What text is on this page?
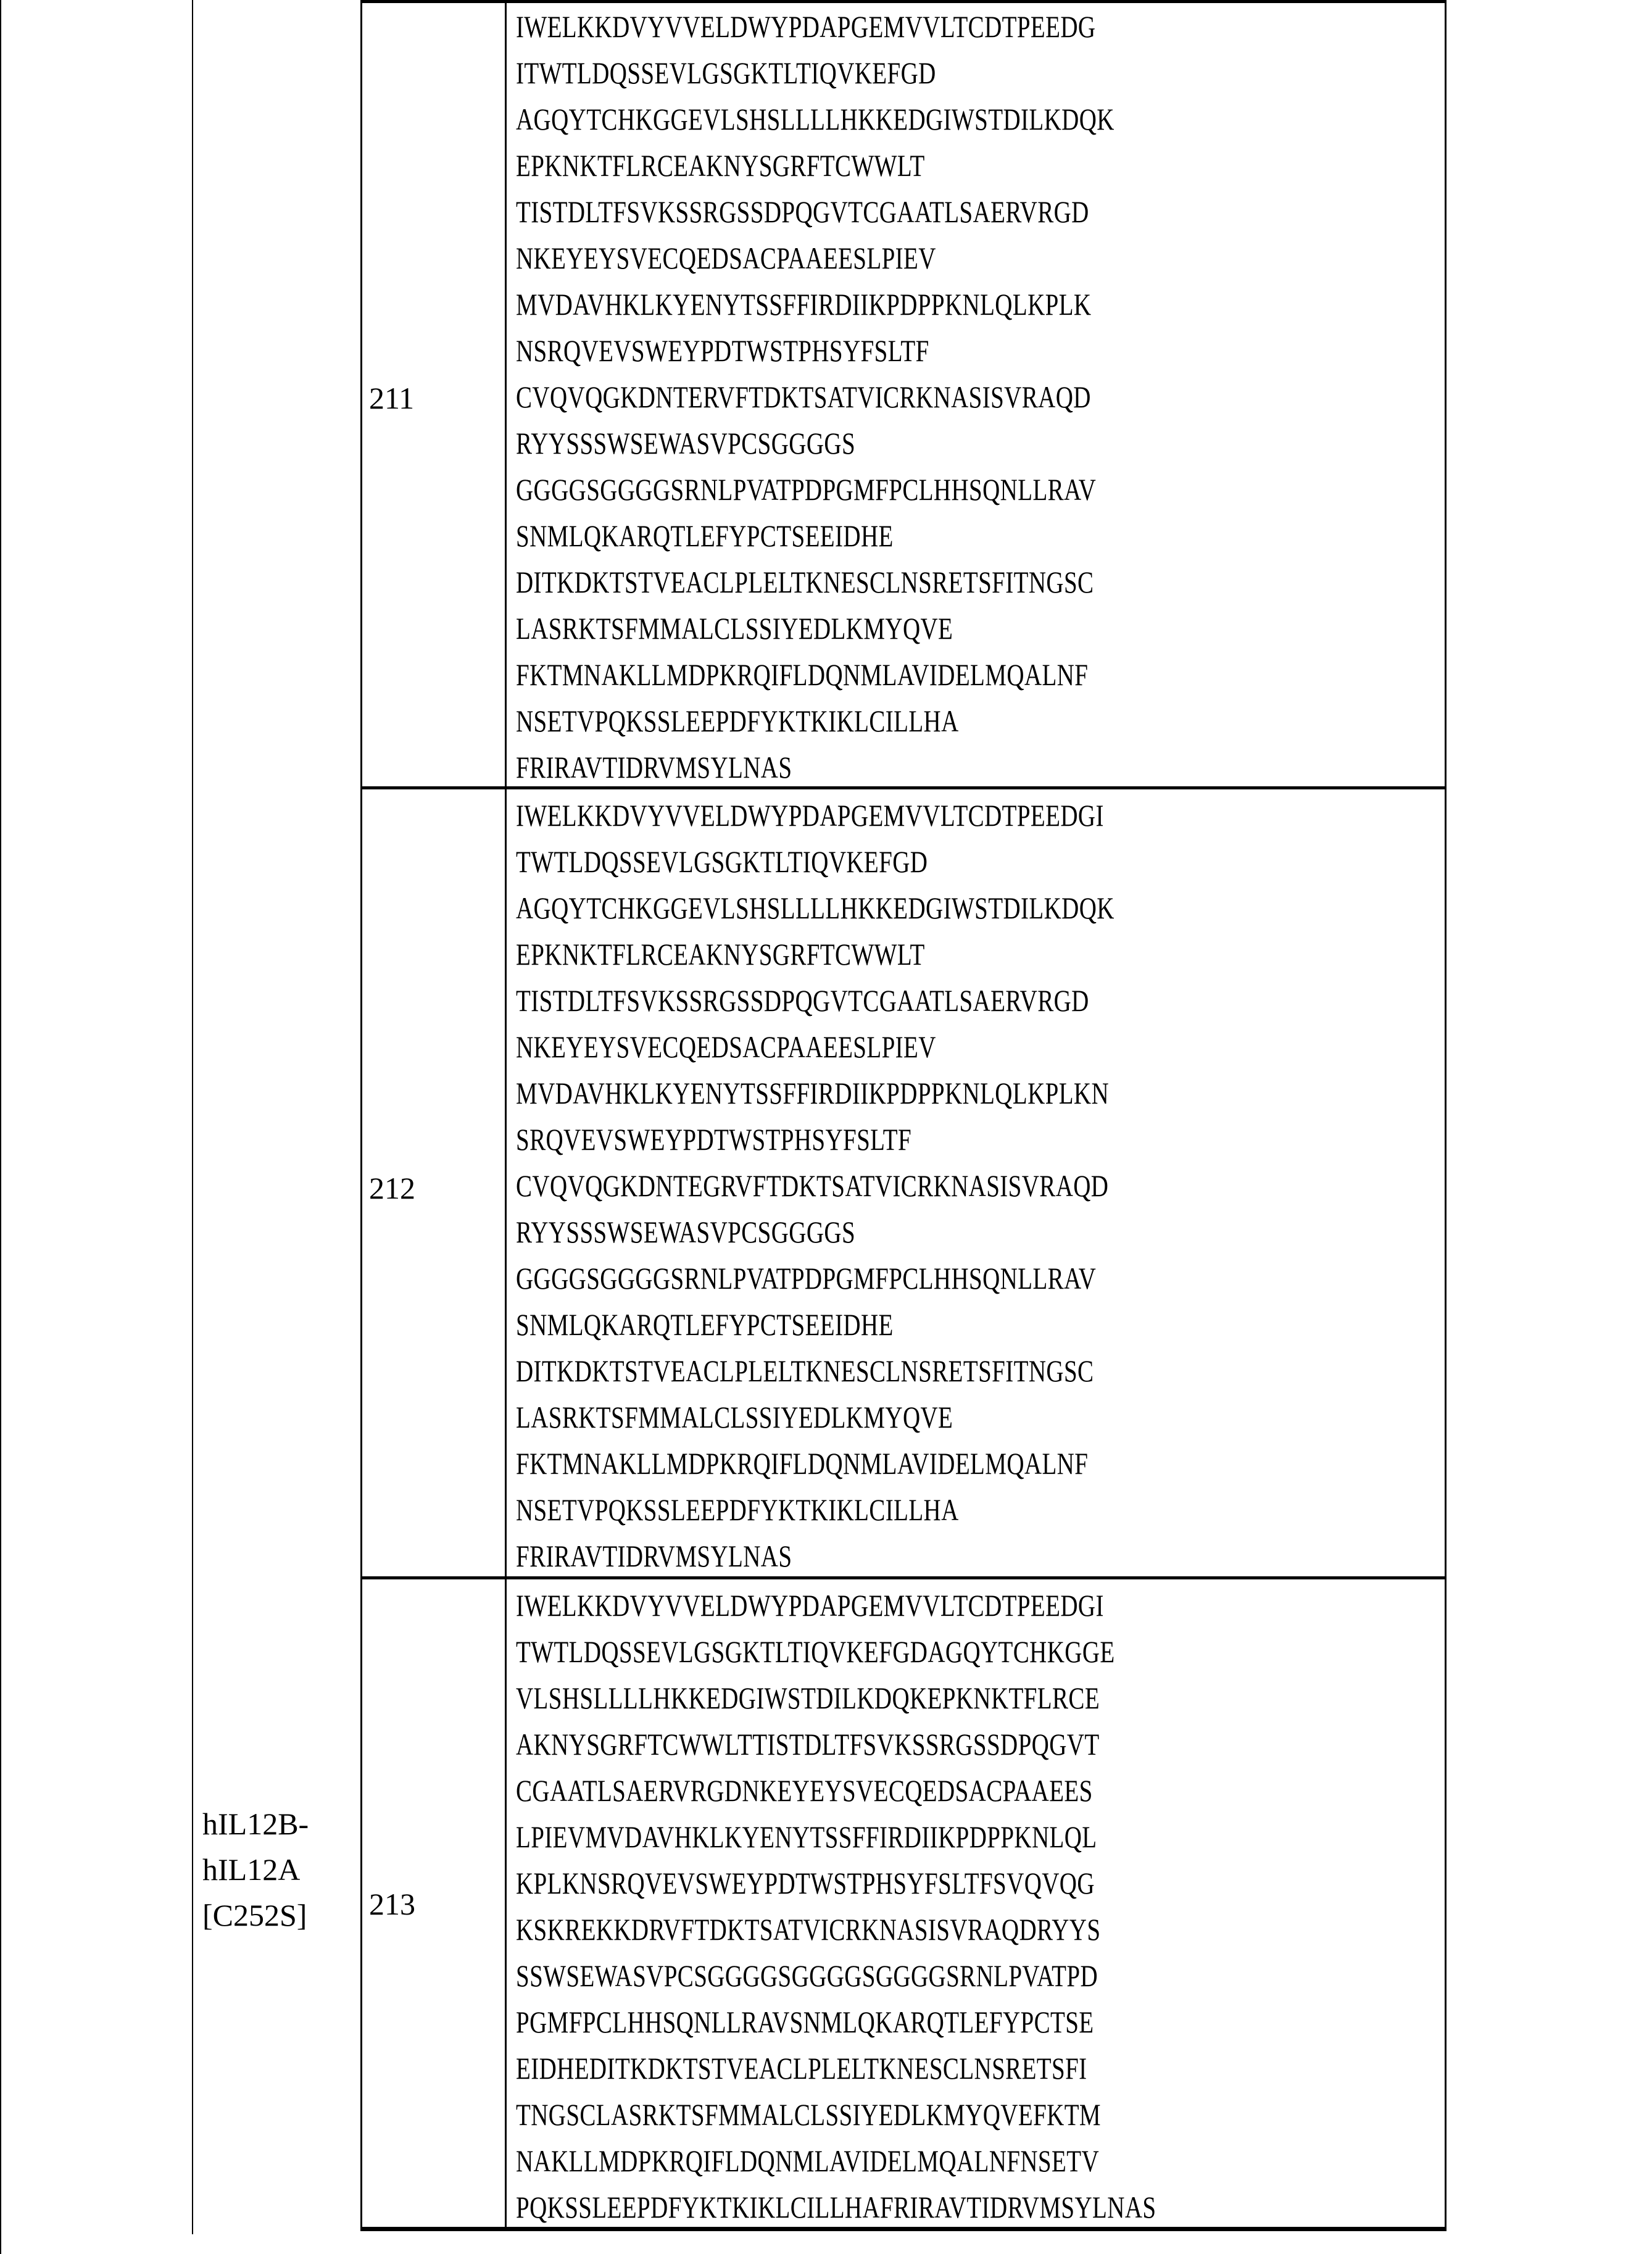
hIL12B-
hIL12A
[C252S]
211
IWELKKDVYVVELDWYPDAPGEMVVLTCDTPEEDG
ITWTLDQSSEVLGSGKTLTIQVKEFGD
AGQYTCHKGGEVLSHSLLLLHKKEDGIWSTDILKDQK
EPKNKTFLRCEAKNYSGRFTCWWLT
TISTDLTFSVKSSRGSSDPQGVTCGAATLSAERVRGD
NKEYEYSVECQEDSACPAAEESLPIEV
MVDAVHKLKYENYTSSFFIRDIIKPDPPKNLQLKPLK
NSRQVEVSWEYPDTWSTPHSYFSLTF
CVQVQGKDNTERVFTDKTSATVICRKNASISVRAQD
RYYSSSWSEWASVPCSGGGGS
GGGGSGGGGSRNLPVATPDPGMFPCLHHSQNLLRAV
SNMLQKARQTLEFYPCTSEEIDHE
DITKDKTSTVEACLPLELTKNESCLNSRETSFITNGSC
LASRKTSFMMALCLSSIYEDLKMYQVE
FKTMNAKLLMDPKRQIFLDQNMLAVIDELMQALNF
NSETVPQKSSLEEPDFYKTKIKLCILLHA
FRIRAVTIDRVMSYLNAS
212
IWELKKDVYVVELDWYPDAPGEMVVLTCDTPEEDGI
TWTLDQSSEVLGSGKTLTIQVKEFGD
AGQYTCHKGGEVLSHSLLLLHKKEDGIWSTDILKDQK
EPKNKTFLRCEAKNYSGRFTCWWLT
TISTDLTFSVKSSRGSSDPQGVTCGAATLSAERVRGD
NKEYEYSVECQEDSACPAAEESLPIEV
MVDAVHKLKYENYTSSFFIRDIIKPDPPKNLQLKPLKN
SRQVEVSWEYPDTWSTPHSYFSLTF
CVQVQGKDNTEGRVFTDKTSATVICRKNASISVRAQD
RYYSSSWSEWASVPCSGGGGS
GGGGSGGGGSRNLPVATPDPGMFPCLHHSQNLLRAV
SNMLQKARQTLEFYPCTSEEIDHE
DITKDKTSTVEACLPLELTKNESCLNSRETSFITNGSC
LASRKTSFMMALCLSSIYEDLKMYQVE
FKTMNAKLLMDPKRQIFLDQNMLAVIDELMQALNF
NSETVPQKSSLEEPDFYKTKIKLCILLHA
FRIRAVTIDRVMSYLNAS
213
IWELKKDVYVVELDWYPDAPGEMVVLTCDTPEEDGI
TWTLDQSSEVLGSGKTLTIQVKEFGDAGQYTCHKGGE
VLSHSLLLLHKKEDGIWSTDILKDQKEPKNKTFLRCE
AKNYSGRFTCWWLTTISTDLTFSVKSSRGSSDPQGVT
CGAATLSAERVRGDNKEYEYSVECQEDSACPAAEES
LPIEVMVDAVHKLKYENYTSSFFIRDIIKPDPPKNLQL
KPLKNSRQVEVSWEYPDTWSTPHSYFSLTFSVQVQG
KSKREKKDRVFTDKTSATVICRKNASISVRAQDRYYS
SSWSEWASVPCSGGGGSGGGGSGGGGSRNLPVATPD
PGMFPCLHHSQNLLRAVSNMLQKARQTLEFYPCTSE
EIDHEDITKDKTSTVEACLPLELTKNESCLNSRETSFI
TNGSCLASRKTSFMMALCLSSIYEDLKMYQVEFKTM
NAKLLMDPKRQIFLDQNMLAVIDELMQALNFNSETV
PQKSSLEEPDFYKTKIKLCILLHAFRIRAVTIDRVMSYLNAS
